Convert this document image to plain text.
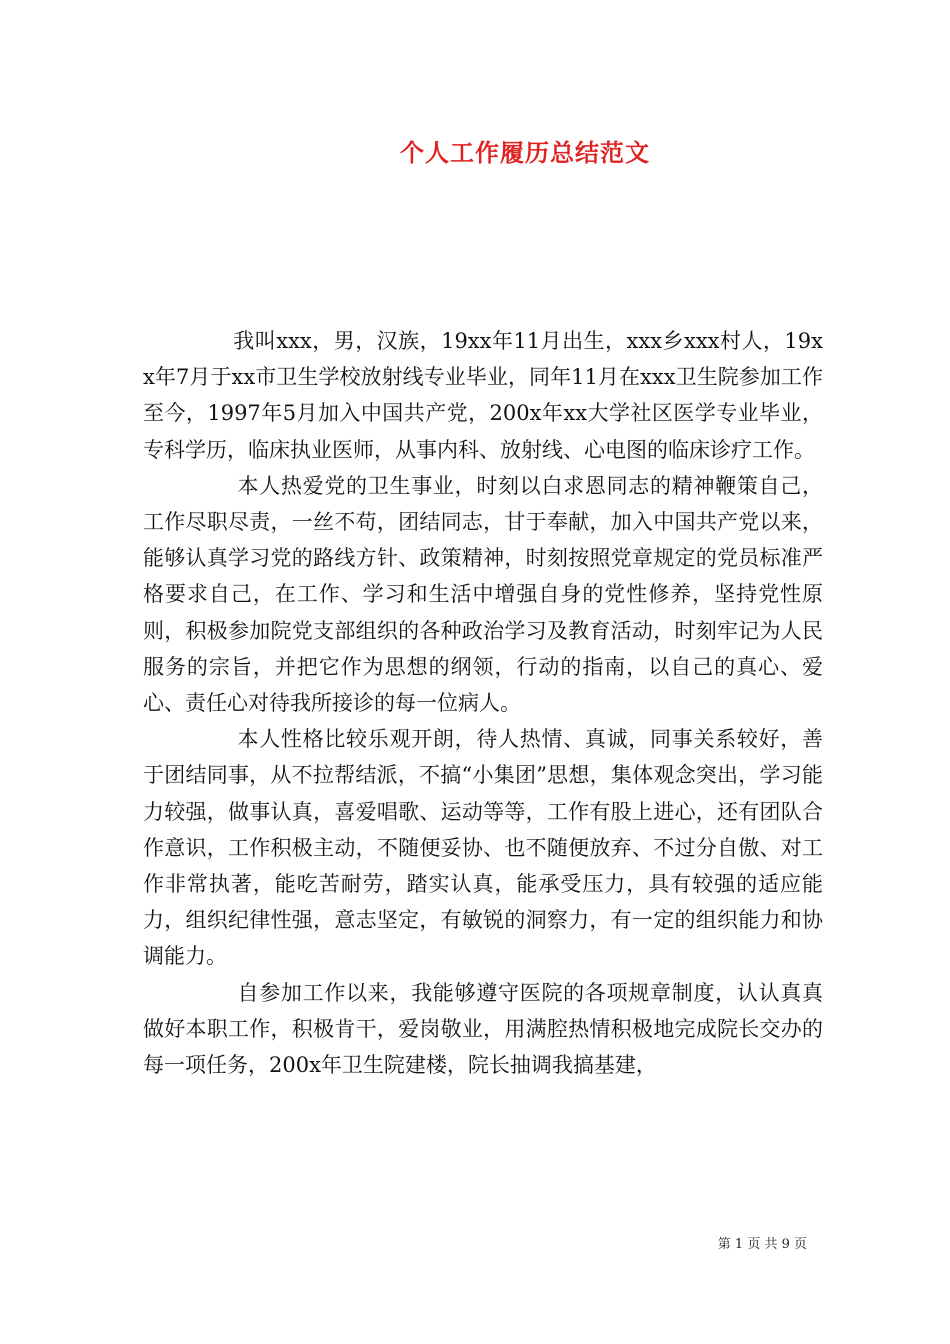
个人工作履历总结范文

我叫xxx，男，汉族，19xx年11月出生，xxx乡xxx村人，19xx年7月于xx市卫生学校放射线专业毕业，同年11月在xxx卫生院参加工作至今，1997年5月加入中国共产党，200x年xx大学社区医学专业毕业，专科学历，临床执业医师，从事内科、放射线、心电图的临床诊疗工作。

本人热爱党的卫生事业，时刻以白求恩同志的精神鞭策自己，工作尽职尽责，一丝不苟，团结同志，甘于奉献，加入中国共产党以来，能够认真学习党的路线方针、政策精神，时刻按照党章规定的党员标准严格要求自己，在工作、学习和生活中增强自身的党性修养，坚持党性原则，积极参加院党支部组织的各种政治学习及教育活动，时刻牢记为人民服务的宗旨，并把它作为思想的纲领，行动的指南，以自己的真心、爱心、责任心对待我所接诊的每一位病人。

本人性格比较乐观开朗，待人热情、真诚，同事关系较好，善于团结同事，从不拉帮结派，不搞“小集团”思想，集体观念突出，学习能力较强，做事认真，喜爱唱歌、运动等等，工作有股上进心，还有团队合作意识，工作积极主动，不随便妥协、也不随便放弃、不过分自傲、对工作非常执著，能吃苦耐劳，踏实认真，能承受压力，具有较强的适应能力，组织纪律性强，意志坚定，有敏锐的洞察力，有一定的组织能力和协调能力。

自参加工作以来，我能够遵守医院的各项规章制度，认认真真做好本职工作，积极肯干，爱岗敬业，用满腔热情积极地完成院长交办的每一项任务，200x年卫生院建楼，院长抽调我搞基建，

第 1 页 共 9 页
